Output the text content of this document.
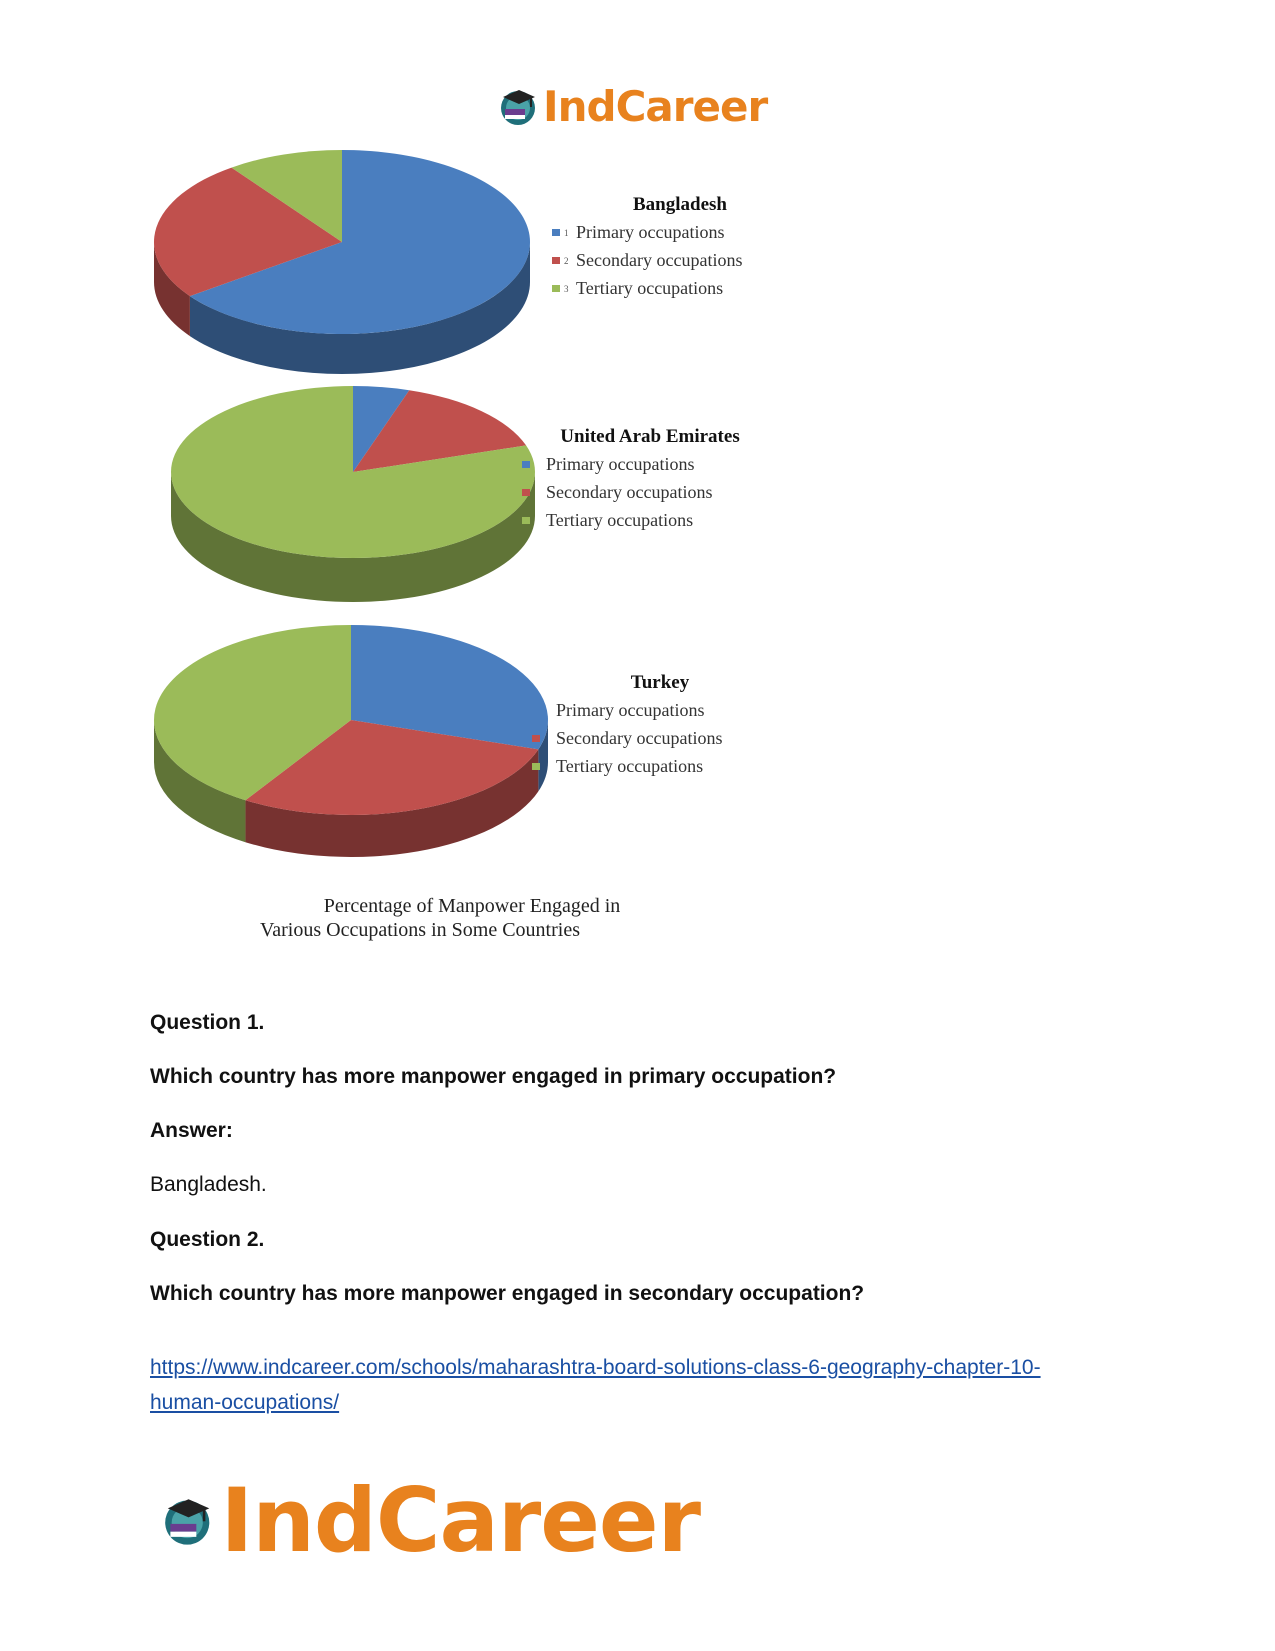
IndCareer
Bangladesh
1 Primary occupations
2 Secondary occupations
3 Tertiary occupations
United Arab Emirates
Primary occupations
Secondary occupations
Tertiary occupations
Turkey
Primary occupations
Secondary occupations
Tertiary occupations
Percentage of Manpower Engaged in
Various Occupations in Some Countries
Question 1.
Which country has more manpower engaged in primary occupation?
Answer:
Bangladesh.
Question 2.
Which country has more manpower engaged in secondary occupation?
https://www.indcareer.com/schools/maharashtra-board-solutions-class-6-geography-chapter-10-
human-occupations/
IndCareer
